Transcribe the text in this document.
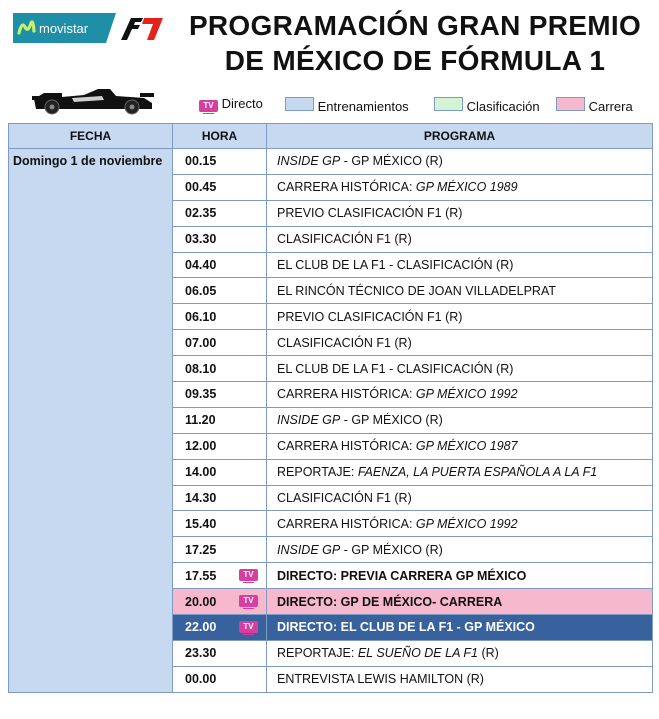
movistar	PROGRAMACIÓN GRAN PREMIO
DE MÉXICO DE FÓRMULA 1
TV Directo	Entrenamientos	Clasificación	Carrera
FECHA	HORA	PROGRAMA
Domingo 1 de noviembre	00.15	INSIDE GP - GP MÉXICO (R)
	00.45	CARRERA HISTÓRICA: GP MÉXICO 1989
	02.35	PREVIO CLASIFICACIÓN F1 (R)
	03.30	CLASIFICACIÓN F1 (R)
	04.40	EL CLUB DE LA F1 - CLASIFICACIÓN (R)
	06.05	EL RINCÓN TÉCNICO DE JOAN VILLADELPRAT
	06.10	PREVIO CLASIFICACIÓN F1 (R)
	07.00	CLASIFICACIÓN F1 (R)
	08.10	EL CLUB DE LA F1 - CLASIFICACIÓN (R)
	09.35	CARRERA HISTÓRICA: GP MÉXICO 1992
	11.20	INSIDE GP - GP MÉXICO (R)
	12.00	CARRERA HISTÓRICA: GP MÉXICO 1987
	14.00	REPORTAJE: FAENZA, LA PUERTA ESPAÑOLA A LA F1
	14.30	CLASIFICACIÓN F1 (R)
	15.40	CARRERA HISTÓRICA: GP MÉXICO 1992
	17.25	INSIDE GP - GP MÉXICO (R)
	17.55 TV	DIRECTO: PREVIA CARRERA GP MÉXICO
	20.00 TV	DIRECTO: GP DE MÉXICO- CARRERA
	22.00 TV	DIRECTO: EL CLUB DE LA F1 - GP MÉXICO
	23.30	REPORTAJE: EL SUEÑO DE LA F1 (R)
	00.00	ENTREVISTA LEWIS HAMILTON (R)
